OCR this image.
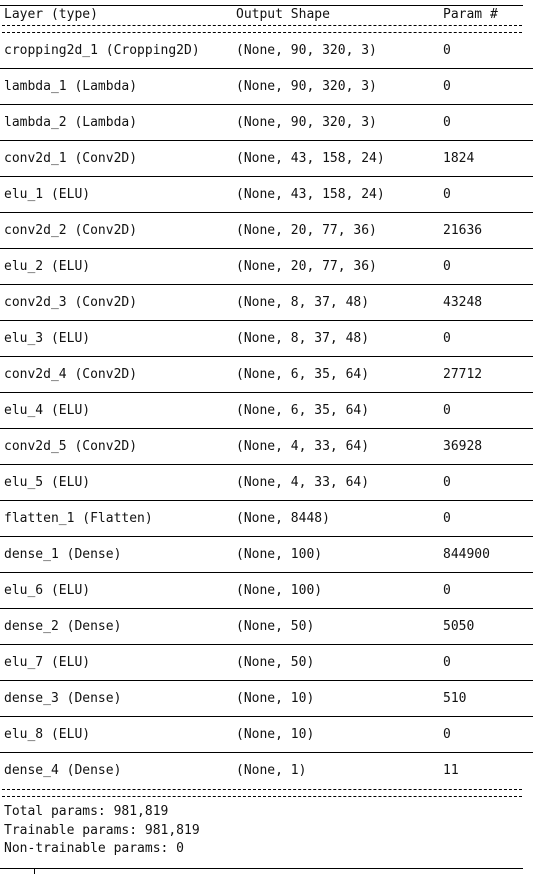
Layer (type)	Output Shape	Param #
cropping2d_1 (Cropping2D)	(None, 90, 320, 3)	0
lambda_1 (Lambda)	(None, 90, 320, 3)	0
lambda_2 (Lambda)	(None, 90, 320, 3)	0
conv2d_1 (Conv2D)	(None, 43, 158, 24)	1824
elu_1 (ELU)	(None, 43, 158, 24)	0
conv2d_2 (Conv2D)	(None, 20, 77, 36)	21636
elu_2 (ELU)	(None, 20, 77, 36)	0
conv2d_3 (Conv2D)	(None, 8, 37, 48)	43248
elu_3 (ELU)	(None, 8, 37, 48)	0
conv2d_4 (Conv2D)	(None, 6, 35, 64)	27712
elu_4 (ELU)	(None, 6, 35, 64)	0
conv2d_5 (Conv2D)	(None, 4, 33, 64)	36928
elu_5 (ELU)	(None, 4, 33, 64)	0
flatten_1 (Flatten)	(None, 8448)	0
dense_1 (Dense)	(None, 100)	844900
elu_6 (ELU)	(None, 100)	0
dense_2 (Dense)	(None, 50)	5050
elu_7 (ELU)	(None, 50)	0
dense_3 (Dense)	(None, 10)	510
elu_8 (ELU)	(None, 10)	0
dense_4 (Dense)	(None, 1)	11
Total params: 981,819
Trainable params: 981,819
Non-trainable params: 0
